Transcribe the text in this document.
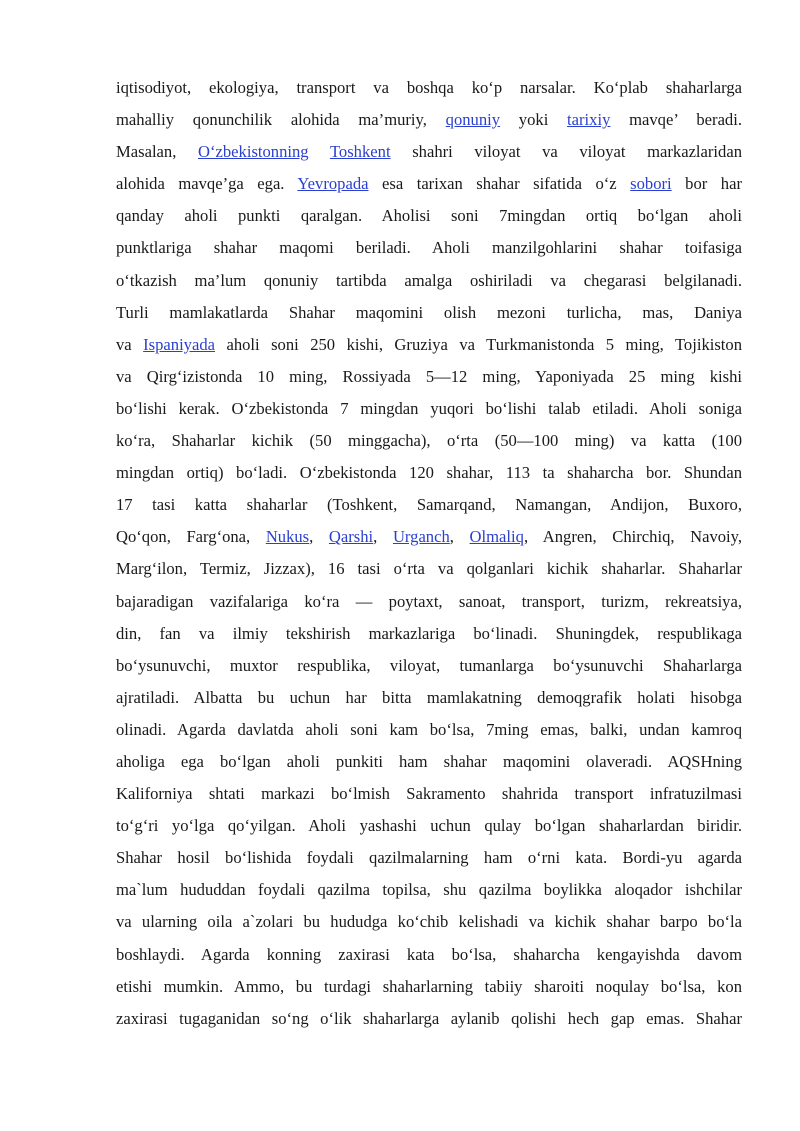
iqtisodiyot, ekologiya, transport va boshqa ko‘p narsalar. Ko‘plab shaharlarga
mahalliy qonunchilik alohida ma’muriy, qonuniy yoki tarixiy mavqe’ beradi.
Masalan, O‘zbekistonning Toshkent shahri viloyat va viloyat markazlaridan
alohida mavqe’ga ega. Yevropada esa tarixan shahar sifatida o‘z sobori bor har
qanday aholi punkti qaralgan. Aholisi soni 7mingdan ortiq bo‘lgan aholi
punktlariga shahar maqomi beriladi. Aholi manzilgohlarini shahar toifasiga
o‘tkazish ma’lum qonuniy tartibda amalga oshiriladi va chegarasi belgilanadi.
Turli mamlakatlarda Shahar maqomini olish mezoni turlicha, mas, Daniya
va Ispaniyada aholi soni 250 kishi, Gruziya va Turkmanistonda 5 ming, Tojikiston
va Qirg‘izistonda 10 ming, Rossiyada 5—12 ming, Yaponiyada 25 ming kishi
bo‘lishi kerak. O‘zbekistonda 7 mingdan yuqori bo‘lishi talab etiladi. Aholi soniga
ko‘ra, Shaharlar kichik (50 minggacha), o‘rta (50—100 ming) va katta (100
mingdan ortiq) bo‘ladi. O‘zbekistonda 120 shahar, 113 ta shaharcha bor. Shundan
17 tasi katta shaharlar (Toshkent, Samarqand, Namangan, Andijon, Buxoro,
Qo‘qon, Farg‘ona, Nukus, Qarshi, Urganch, Olmaliq, Angren, Chirchiq, Navoiy,
Marg‘ilon, Termiz, Jizzax), 16 tasi o‘rta va qolganlari kichik shaharlar. Shaharlar
bajaradigan vazifalariga ko‘ra — poytaxt, sanoat, transport, turizm, rekreatsiya,
din, fan va ilmiy tekshirish markazlariga bo‘linadi. Shuningdek, respublikaga
bo‘ysunuvchi, muxtor respublika, viloyat, tumanlarga bo‘ysunuvchi Shaharlarga
ajratiladi. Albatta bu uchun har bitta mamlakatning demoqgrafik holati hisobga
olinadi. Agarda davlatda aholi soni kam bo‘lsa, 7ming emas, balki, undan kamroq
aholiga ega bo‘lgan aholi punkiti ham shahar maqomini olaveradi. AQSHning
Kaliforniya shtati markazi bo‘lmish Sakramento shahrida transport infratuzilmasi
to‘g‘ri yo‘lga qo‘yilgan. Aholi yashashi uchun qulay bo‘lgan shaharlardan biridir.
Shahar hosil bo‘lishida foydali qazilmalarning ham o‘rni kata. Bordi-yu agarda
ma`lum hududdan foydali qazilma topilsa, shu qazilma boylikka aloqador ishchilar
va ularning oila a`zolari bu hududga ko‘chib kelishadi va kichik shahar barpo bo‘la
boshlaydi. Agarda konning zaxirasi kata bo‘lsa, shaharcha kengayishda davom
etishi mumkin. Ammo, bu turdagi shaharlarning tabiiy sharoiti noqulay bo‘lsa, kon
zaxirasi tugaganidan so‘ng o‘lik shaharlarga aylanib qolishi hech gap emas. Shahar
